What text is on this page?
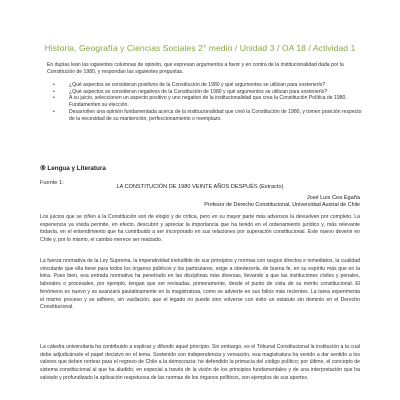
Historia, Geografía y Ciencias Sociales 2° medio / Unidad 3 / OA 18 / Actividad 1

En duplas lean las siguientes columnas de opinión, que expresan argumentos a favor y en contra de la institucionalidad dada por la Constitución de 1980, y respondan las siguientes preguntas.

•	¿Qué aspectos se consideran positivos de la Constitución de 1980 y qué argumentos se utilizan para sostenerlo?
•	¿Qué aspectos se consideran negativos de la Constitución de 1980 y qué argumentos se utilizan para sostenerlo?
•	A su juicio, seleccionen un aspecto positivo y uno negativo de la institucionalidad que crea la Constitución Política de 1980. Fundamenten su elección.
•	Desarrollen una opinión fundamentada acerca de la institucionalidad que creó la Constitución de 1980, y tomen posición respecto de la necesidad de su mantención, perfeccionamiento o reemplazo.
⑨ Lengua y Literatura

Fuente 1:

LA CONSTITUCIÓN DE 1980 VEINTE AÑOS DESPUÉS (Extracto)

José Luis Cea Egaña

Profesor de Derecho Constitucional, Universidad Austral de Chile

Los juicios que se ciñen a la Constitución son de elogio y de crítica, pero en su mayor parte más adversos la devuelven por completo. La experiencia ya vivida permite, en efecto, descubrir y apreciar la importancia que ha tenido en el ordenamiento jurídico y, más relevante todavía, en el entendimiento que ha contribuido a ser incorporado en sus relaciones por superación constitucional. Este nuevo devenir en Chile y, por lo mismo, el cambio merece ser realzado.

La fuerza normativa de la Ley Suprema, la imperatividad ineludible de sus principios y normas con rasgos directos e inmediatos, la cualidad vinculante que ella tiene para todos los órganos públicos y los particulares, exige a obedecerla, de buena fe, en su espíritu más que en la letra. Pues bien, esa entrada normativa ha penetrado en las disciplinas más diversas, llevando a que las instituciones civiles y penales, laborales o procesales, por ejemplo, tengan que ser revisadas, primeramente, desde el punto de vista de su mérito constitucional. El fenómeno es nuevo y se avanzará paulatinamente en la magistratura, como se advierte en sus fallos más recientes. La tarea experimenta el mismo proceso y se adhiere, sin vacilación, que el legado no puede sino volverse con éxito un estatuto sin dominio en el Derecho Constitucional.

La cátedra universitaria ha contribuido a explicar y difundir aquel principio. Sin embargo, es el Tribunal Constitucional la institución a la cual debe adjudicársele el papel decisivo en el tema. Sostenido con independencia y versación, esa magistratura ha venido a dar sentido a los valores que deben nortear para el regreso de Chile a la democracia: he defendido la primacía del código político; por último, el concepto de sistema constitucional al que ha aludido, en especial a través de la visión de los principios fundamentales y de una interpretación que ha salvado y profundizado la aplicación respetuosa de las normas de los órganos políticos, son ejemplos de sus aportes.
